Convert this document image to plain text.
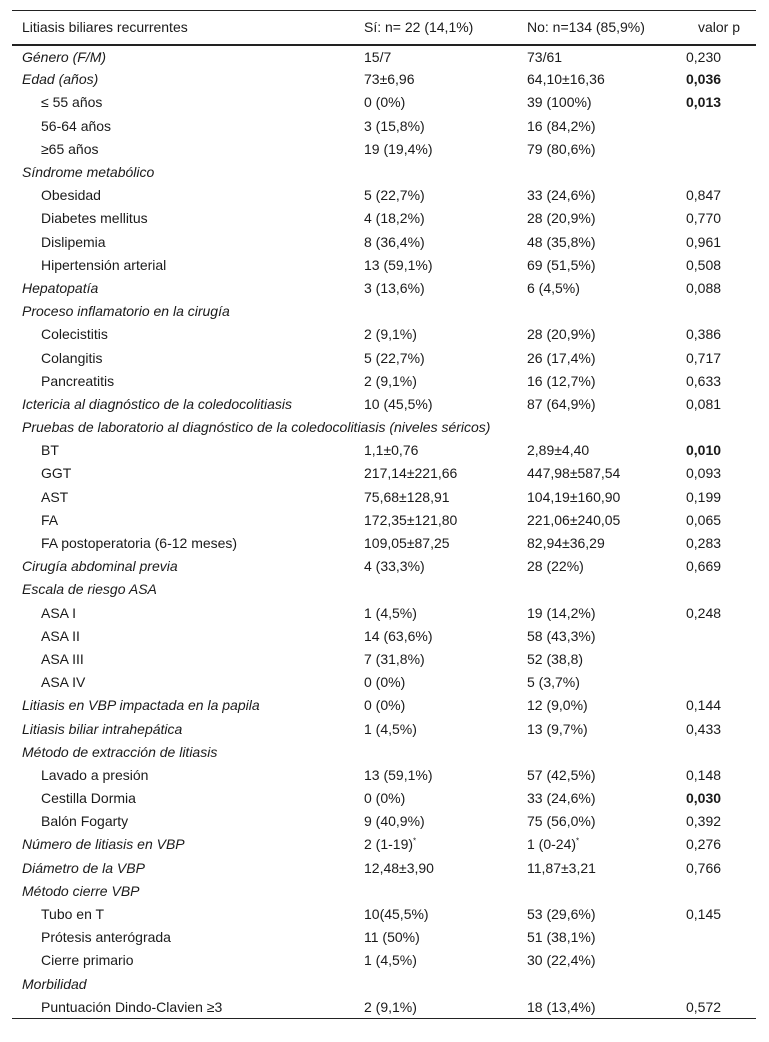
Litiasis biliares recurrentes	Sí: n= 22 (14,1%)	No: n=134 (85,9%)	valor p
Género (F/M)	15/7	73/61	0,230
Edad (años)	73±6,96	64,10±16,36	0,036
≤ 55 años	0 (0%)	39 (100%)	0,013
56-64 años	3 (15,8%)	16 (84,2%)	
≥65 años	19 (19,4%)	79 (80,6%)	
Síndrome metabólico			
Obesidad	5 (22,7%)	33 (24,6%)	0,847
Diabetes mellitus	4 (18,2%)	28 (20,9%)	0,770
Dislipemia	8 (36,4%)	48 (35,8%)	0,961
Hipertensión arterial	13 (59,1%)	69 (51,5%)	0,508
Hepatopatía	3 (13,6%)	6 (4,5%)	0,088
Proceso inflamatorio en la cirugía			
Colecistitis	2 (9,1%)	28 (20,9%)	0,386
Colangitis	5 (22,7%)	26 (17,4%)	0,717
Pancreatitis	2 (9,1%)	16 (12,7%)	0,633
Ictericia al diagnóstico de la coledocolitiasis	10 (45,5%)	87 (64,9%)	0,081
Pruebas de laboratorio al diagnóstico de la coledocolitiasis (niveles séricos)			
BT	1,1±0,76	2,89±4,40	0,010
GGT	217,14±221,66	447,98±587,54	0,093
AST	75,68±128,91	104,19±160,90	0,199
FA	172,35±121,80	221,06±240,05	0,065
FA postoperatoria (6-12 meses)	109,05±87,25	82,94±36,29	0,283
Cirugía abdominal previa	4 (33,3%)	28 (22%)	0,669
Escala de riesgo ASA			
ASA I	1 (4,5%)	19 (14,2%)	0,248
ASA II	14 (63,6%)	58 (43,3%)	
ASA III	7 (31,8%)	52 (38,8)	
ASA IV	0 (0%)	5 (3,7%)	
Litiasis en VBP impactada en la papila	0 (0%)	12 (9,0%)	0,144
Litiasis biliar intrahepática	1 (4,5%)	13 (9,7%)	0,433
Método de extracción de litiasis			
Lavado a presión	13 (59,1%)	57 (42,5%)	0,148
Cestilla Dormia	0 (0%)	33 (24,6%)	0,030
Balón Fogarty	9 (40,9%)	75 (56,0%)	0,392
Número de litiasis en VBP	2 (1-19)*	1 (0-24)*	0,276
Diámetro de la VBP	12,48±3,90	11,87±3,21	0,766
Método cierre VBP			
Tubo en T	10(45,5%)	53 (29,6%)	0,145
Prótesis anterógrada	11 (50%)	51 (38,1%)	
Cierre primario	1 (4,5%)	30 (22,4%)	
Morbilidad			
Puntuación Dindo-Clavien ≥3	2 (9,1%)	18 (13,4%)	0,572
